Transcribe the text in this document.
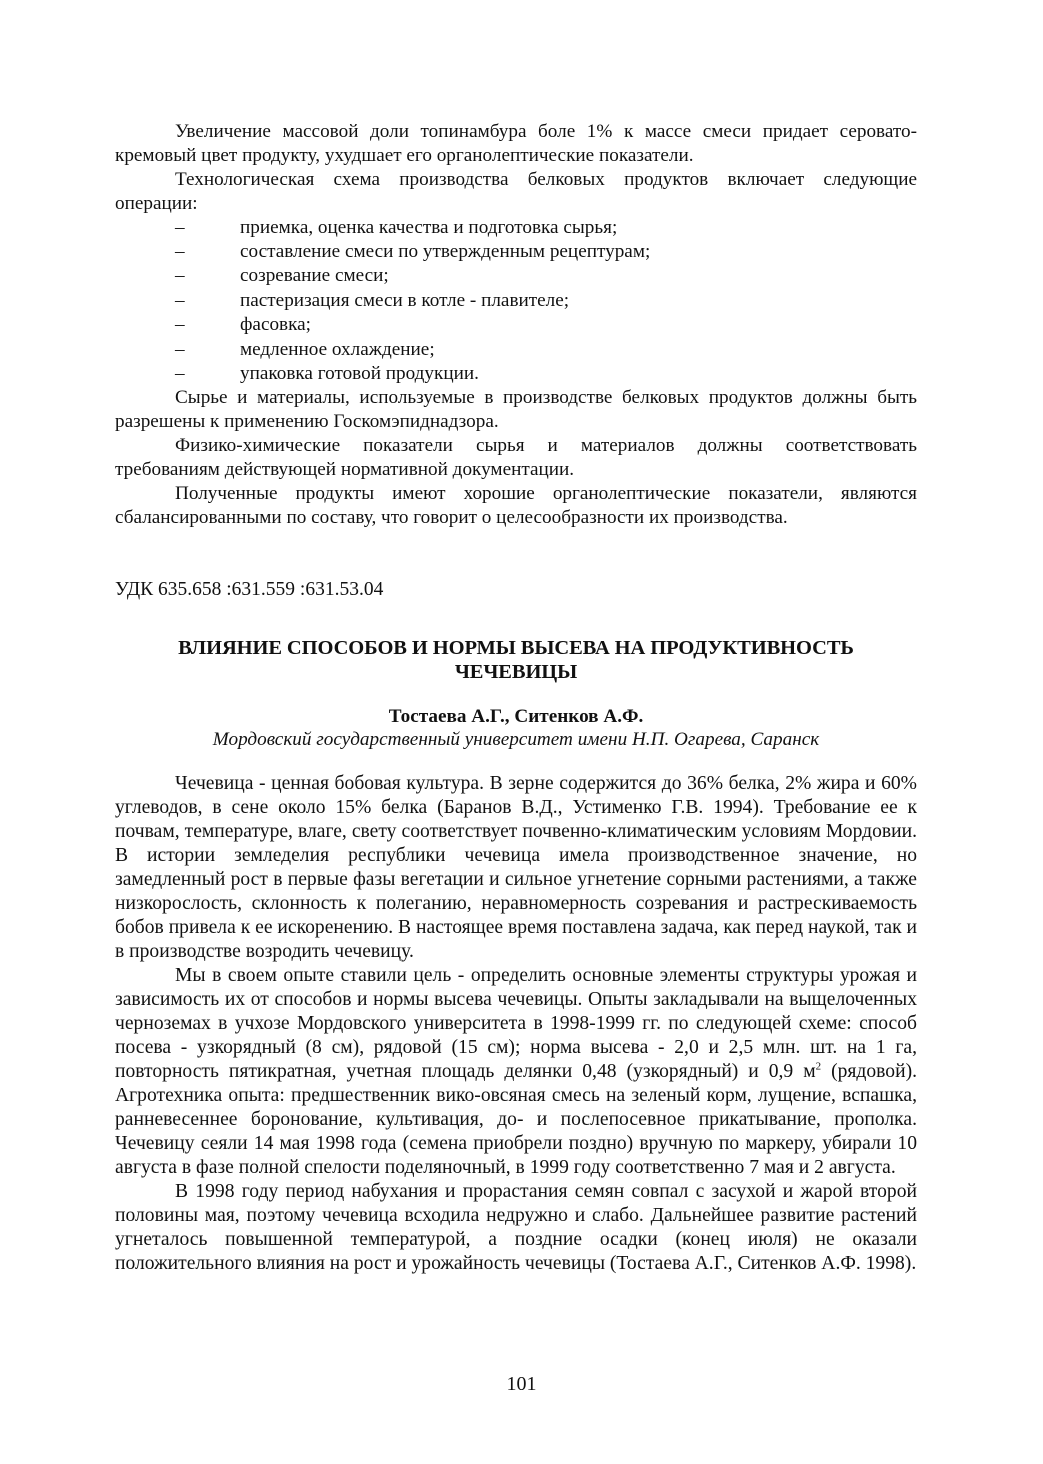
Увеличение массовой доли топинамбура боле 1% к массе смеси придает серовато-кремовый цвет продукту, ухудшает его органолептические показатели.

Технологическая схема производства белковых продуктов включает следующие операции:

–	приемка, оценка качества и подготовка сырья;
–	составление смеси по утвержденным рецептурам;
–	созревание смеси;
–	пастеризация смеси в котле - плавителе;
–	фасовка;
–	медленное охлаждение;
–	упаковка готовой продукции.

Сырье и материалы, используемые в производстве белковых продуктов должны быть разрешены к применению Госкомэпиднадзора.

Физико-химические показатели сырья и материалов должны соответствовать требованиям действующей нормативной документации.

Полученные продукты имеют хорошие органолептические показатели, являются сбалансированными по составу, что говорит о целесообразности их производства.

УДК 635.658 :631.559 :631.53.04
ВЛИЯНИЕ СПОСОБОВ И НОРМЫ ВЫСЕВА НА ПРОДУКТИВНОСТЬ
ЧЕЧЕВИЦЫ
Тостаева А.Г., Ситенков А.Ф.
Мордовский государственный университет имени Н.П. Огарева, Саранск

Чечевица - ценная бобовая культура. В зерне содержится до 36% белка, 2% жира и 60% углеводов, в сене около 15% белка (Баранов В.Д., Устименко Г.В. 1994). Требование ее к почвам, температуре, влаге, свету соответствует почвенно-климатическим условиям Мордовии. В истории земледелия республики чечевица имела производственное значение, но замедленный рост в первые фазы вегетации и сильное угнетение сорными растениями, а также низкорослость, склонность к полеганию, неравномерность созревания и растрескиваемость бобов привела к ее искоренению. В настоящее время поставлена задача, как перед наукой, так и в производстве возродить чечевицу.

Мы в своем опыте ставили цель - определить основные элементы структуры урожая и зависимость их от способов и нормы высева чечевицы. Опыты закладывали на выщелоченных черноземах в учхозе Мордовского университета в 1998-1999 гг. по следующей схеме: способ посева - узкорядный (8 см), рядовой (15 см); норма высева - 2,0 и 2,5 млн. шт. на 1 га, повторность пятикратная, учетная площадь делянки 0,48 (узкорядный) и 0,9 $м^2$ (рядовой). Агротехника опыта: предшественник вико-овсяная смесь на зеленый корм, лущение, вспашка, ранневесеннее боронование, культивация, до- и послепосевное прикатывание, прополка. Чечевицу сеяли 14 мая 1998 года (семена приобрели поздно) вручную по маркеру, убирали 10 августа в фазе полной спелости поделяночный, в 1999 году соответственно 7 мая и 2 августа.

В 1998 году период набухания и прорастания семян совпал с засухой и жарой второй половины мая, поэтому чечевица всходила недружно и слабо. Дальнейшее развитие растений угнеталось повышенной температурой, а поздние осадки (конец июля) не оказали положительного влияния на рост и урожайность чечевицы (Тостаева А.Г., Ситенков А.Ф. 1998).

101
